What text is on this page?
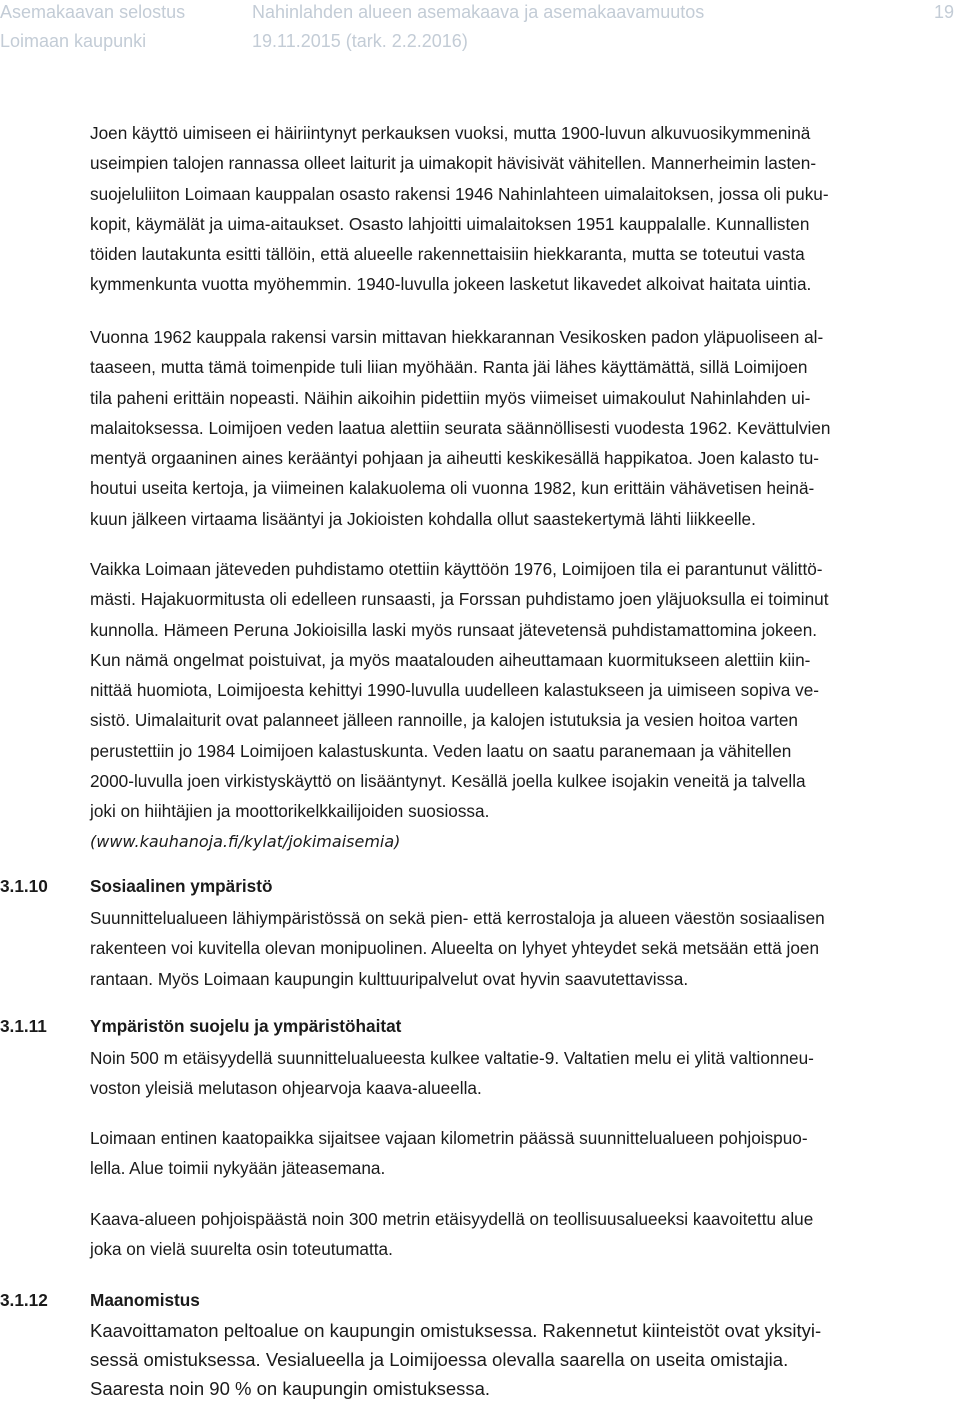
Asemakaavan selostus
Loimaan kaupunki
Nahinlahden alueen asemakaava ja asemakaavamuutos
19.11.2015 (tark. 2.2.2016)
19
Joen käyttö uimiseen ei häiriintynyt perkauksen vuoksi, mutta 1900-luvun alkuvuosikymmeninä
useimpien talojen rannassa olleet laiturit ja uimakopit hävisivät vähitellen. Mannerheimin lasten-
suojeluliiton Loimaan kauppalan osasto rakensi 1946 Nahinlahteen uimalaitoksen, jossa oli puku-
kopit, käymälät ja uima-aitaukset. Osasto lahjoitti uimalaitoksen 1951 kauppalalle. Kunnallisten
töiden lautakunta esitti tällöin, että alueelle rakennettaisiin hiekkaranta, mutta se toteutui vasta
kymmenkunta vuotta myöhemmin. 1940-luvulla jokeen lasketut likavedet alkoivat haitata uintia.
Vuonna 1962 kauppala rakensi varsin mittavan hiekkarannan Vesikosken padon yläpuoliseen al-
taaseen, mutta tämä toimenpide tuli liian myöhään. Ranta jäi lähes käyttämättä, sillä Loimijoen
tila paheni erittäin nopeasti. Näihin aikoihin pidettiin myös viimeiset uimakoulut Nahinlahden ui-
malaitoksessa. Loimijoen veden laatua alettiin seurata säännöllisesti vuodesta 1962. Kevättulvien
mentyä orgaaninen aines kerääntyi pohjaan ja aiheutti keskikesällä happikatoa. Joen kalasto tu-
houtui useita kertoja, ja viimeinen kalakuolema oli vuonna 1982, kun erittäin vähävetisen heinä-
kuun jälkeen virtaama lisääntyi ja Jokioisten kohdalla ollut saastekertymä lähti liikkeelle.
Vaikka Loimaan jäteveden puhdistamo otettiin käyttöön 1976, Loimijoen tila ei parantunut välittö-
mästi. Hajakuormitusta oli edelleen runsaasti, ja Forssan puhdistamo joen yläjuoksulla ei toiminut
kunnolla. Hämeen Peruna Jokioisilla laski myös runsaat jätevetensä puhdistamattomina jokeen.
Kun nämä ongelmat poistuivat, ja myös maatalouden aiheuttamaan kuormitukseen alettiin kiin-
nittää huomiota, Loimijoesta kehittyi 1990-luvulla uudelleen kalastukseen ja uimiseen sopiva ve-
sistö. Uimalaiturit ovat palanneet jälleen rannoille, ja kalojen istutuksia ja vesien hoitoa varten
perustettiin jo 1984 Loimijoen kalastuskunta. Veden laatu on saatu paranemaan ja vähitellen
2000-luvulla joen virkistyskäyttö on lisääntynyt. Kesällä joella kulkee isojakin veneitä ja talvella
joki on hiihtäjien ja moottorikelkkailijoiden suosiossa.
(www.kauhanoja.fi/kylat/jokimaisemia)
3.1.10 Sosiaalinen ympäristö
Suunnittelualueen lähiympäristössä on sekä pien- että kerrostaloja ja alueen väestön sosiaalisen
rakenteen voi kuvitella olevan monipuolinen. Alueelta on lyhyet yhteydet sekä metsään että joen
rantaan. Myös Loimaan kaupungin kulttuuripalvelut ovat hyvin saavutettavissa.
3.1.11	Ympäristön suojelu ja ympäristöhaitat
Noin 500 m etäisyydellä suunnittelualueesta kulkee valtatie-9. Valtatien melu ei ylitä valtionneu-
voston yleisiä melutason ohjearvoja kaava-alueella.
Loimaan entinen kaatopaikka sijaitsee vajaan kilometrin päässä suunnittelualueen pohjoispuo-
lella. Alue toimii nykyään jäteasemana.
Kaava-alueen pohjoispäästä noin 300 metrin etäisyydellä on teollisuusalueeksi kaavoitettu alue
joka on vielä suurelta osin toteutumatta.
3.1.12 Maanomistus
Kaavoittamaton peltoalue on kaupungin omistuksessa. Rakennetut kiinteistöt ovat yksityi-
sessä omistuksessa. Vesialueella ja Loimijoessa olevalla saarella on useita omistajia.
Saaresta noin 90 % on kaupungin omistuksessa.
